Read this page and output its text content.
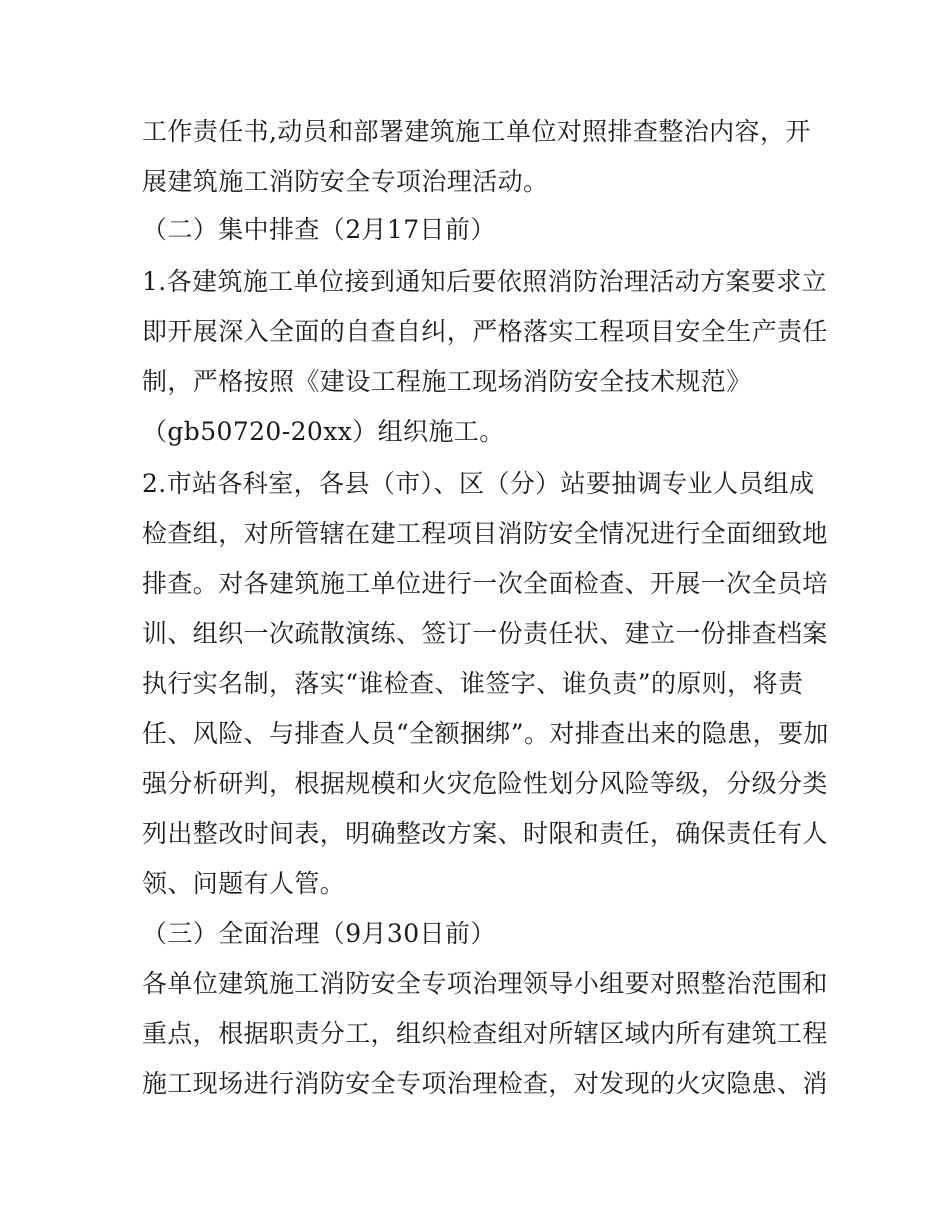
工作责任书,动员和部署建筑施工单位对照排查整治内容，开
展建筑施工消防安全专项治理活动。
（二）集中排查（2月17日前）
1.各建筑施工单位接到通知后要依照消防治理活动方案要求立
即开展深入全面的自查自纠，严格落实工程项目安全生产责任
制，严格按照《建设工程施工现场消防安全技术规范》
（gb50720-20xx）组织施工。
2.市站各科室，各县（市）、区（分）站要抽调专业人员组成
检查组，对所管辖在建工程项目消防安全情况进行全面细致地
排查。对各建筑施工单位进行一次全面检查、开展一次全员培
训、组织一次疏散演练、签订一份责任状、建立一份排查档案
执行实名制，落实“谁检查、谁签字、谁负责”的原则，将责
任、风险、与排查人员“全额捆绑”。对排查出来的隐患，要加
强分析研判，根据规模和火灾危险性划分风险等级，分级分类
列出整改时间表，明确整改方案、时限和责任，确保责任有人
领、问题有人管。
（三）全面治理（9月30日前）
各单位建筑施工消防安全专项治理领导小组要对照整治范围和
重点，根据职责分工，组织检查组对所辖区域内所有建筑工程
施工现场进行消防安全专项治理检查，对发现的火灾隐患、消
